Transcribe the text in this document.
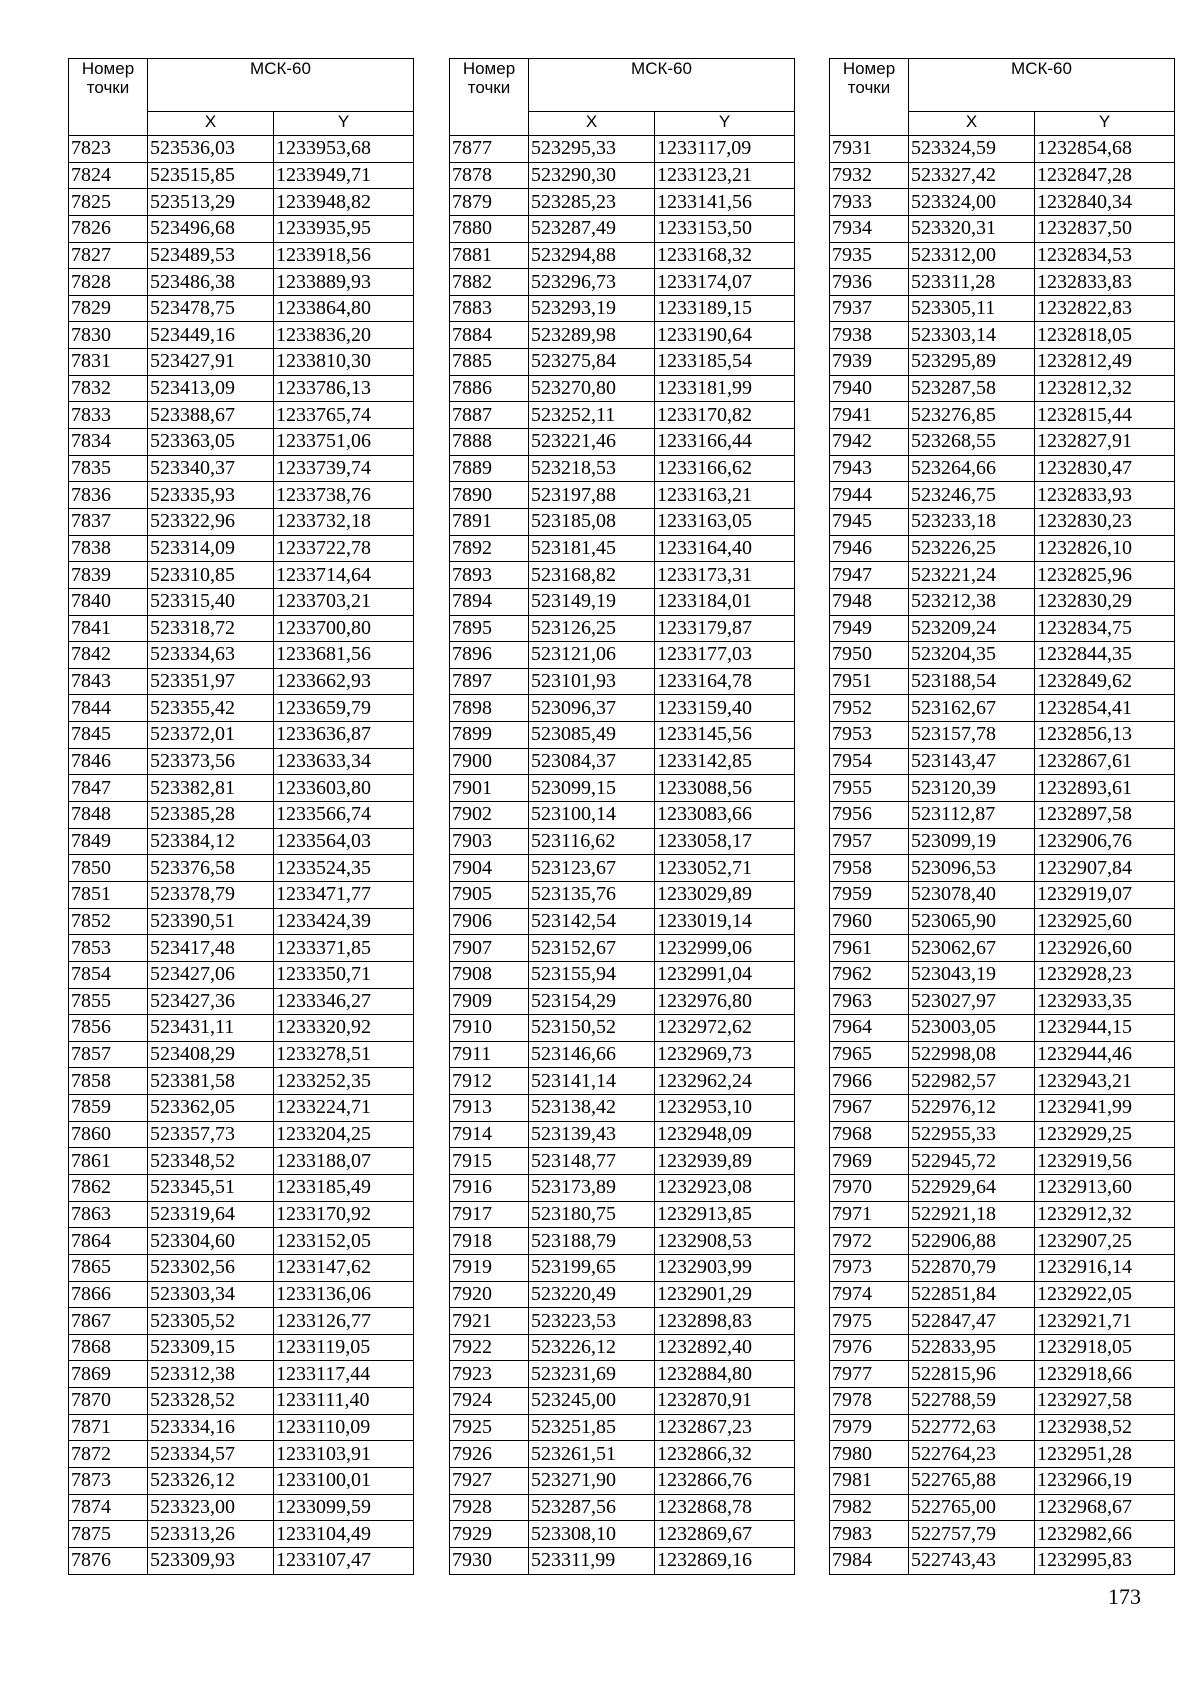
Номер
точки	МСК-60	
	X	Y
7823	523536,03	1233953,68
7824	523515,85	1233949,71
7825	523513,29	1233948,82
7826	523496,68	1233935,95
7827	523489,53	1233918,56
7828	523486,38	1233889,93
7829	523478,75	1233864,80
7830	523449,16	1233836,20
7831	523427,91	1233810,30
7832	523413,09	1233786,13
7833	523388,67	1233765,74
7834	523363,05	1233751,06
7835	523340,37	1233739,74
7836	523335,93	1233738,76
7837	523322,96	1233732,18
7838	523314,09	1233722,78
7839	523310,85	1233714,64
7840	523315,40	1233703,21
7841	523318,72	1233700,80
7842	523334,63	1233681,56
7843	523351,97	1233662,93
7844	523355,42	1233659,79
7845	523372,01	1233636,87
7846	523373,56	1233633,34
7847	523382,81	1233603,80
7848	523385,28	1233566,74
7849	523384,12	1233564,03
7850	523376,58	1233524,35
7851	523378,79	1233471,77
7852	523390,51	1233424,39
7853	523417,48	1233371,85
7854	523427,06	1233350,71
7855	523427,36	1233346,27
7856	523431,11	1233320,92
7857	523408,29	1233278,51
7858	523381,58	1233252,35
7859	523362,05	1233224,71
7860	523357,73	1233204,25
7861	523348,52	1233188,07
7862	523345,51	1233185,49
7863	523319,64	1233170,92
7864	523304,60	1233152,05
7865	523302,56	1233147,62
7866	523303,34	1233136,06
7867	523305,52	1233126,77
7868	523309,15	1233119,05
7869	523312,38	1233117,44
7870	523328,52	1233111,40
7871	523334,16	1233110,09
7872	523334,57	1233103,91
7873	523326,12	1233100,01
7874	523323,00	1233099,59
7875	523313,26	1233104,49
7876	523309,93	1233107,47
Номер
точки	МСК-60	
	X	Y
7877	523295,33	1233117,09
7878	523290,30	1233123,21
7879	523285,23	1233141,56
7880	523287,49	1233153,50
7881	523294,88	1233168,32
7882	523296,73	1233174,07
7883	523293,19	1233189,15
7884	523289,98	1233190,64
7885	523275,84	1233185,54
7886	523270,80	1233181,99
7887	523252,11	1233170,82
7888	523221,46	1233166,44
7889	523218,53	1233166,62
7890	523197,88	1233163,21
7891	523185,08	1233163,05
7892	523181,45	1233164,40
7893	523168,82	1233173,31
7894	523149,19	1233184,01
7895	523126,25	1233179,87
7896	523121,06	1233177,03
7897	523101,93	1233164,78
7898	523096,37	1233159,40
7899	523085,49	1233145,56
7900	523084,37	1233142,85
7901	523099,15	1233088,56
7902	523100,14	1233083,66
7903	523116,62	1233058,17
7904	523123,67	1233052,71
7905	523135,76	1233029,89
7906	523142,54	1233019,14
7907	523152,67	1232999,06
7908	523155,94	1232991,04
7909	523154,29	1232976,80
7910	523150,52	1232972,62
7911	523146,66	1232969,73
7912	523141,14	1232962,24
7913	523138,42	1232953,10
7914	523139,43	1232948,09
7915	523148,77	1232939,89
7916	523173,89	1232923,08
7917	523180,75	1232913,85
7918	523188,79	1232908,53
7919	523199,65	1232903,99
7920	523220,49	1232901,29
7921	523223,53	1232898,83
7922	523226,12	1232892,40
7923	523231,69	1232884,80
7924	523245,00	1232870,91
7925	523251,85	1232867,23
7926	523261,51	1232866,32
7927	523271,90	1232866,76
7928	523287,56	1232868,78
7929	523308,10	1232869,67
7930	523311,99	1232869,16
Номер
точки	МСК-60	
	X	Y
7931	523324,59	1232854,68
7932	523327,42	1232847,28
7933	523324,00	1232840,34
7934	523320,31	1232837,50
7935	523312,00	1232834,53
7936	523311,28	1232833,83
7937	523305,11	1232822,83
7938	523303,14	1232818,05
7939	523295,89	1232812,49
7940	523287,58	1232812,32
7941	523276,85	1232815,44
7942	523268,55	1232827,91
7943	523264,66	1232830,47
7944	523246,75	1232833,93
7945	523233,18	1232830,23
7946	523226,25	1232826,10
7947	523221,24	1232825,96
7948	523212,38	1232830,29
7949	523209,24	1232834,75
7950	523204,35	1232844,35
7951	523188,54	1232849,62
7952	523162,67	1232854,41
7953	523157,78	1232856,13
7954	523143,47	1232867,61
7955	523120,39	1232893,61
7956	523112,87	1232897,58
7957	523099,19	1232906,76
7958	523096,53	1232907,84
7959	523078,40	1232919,07
7960	523065,90	1232925,60
7961	523062,67	1232926,60
7962	523043,19	1232928,23
7963	523027,97	1232933,35
7964	523003,05	1232944,15
7965	522998,08	1232944,46
7966	522982,57	1232943,21
7967	522976,12	1232941,99
7968	522955,33	1232929,25
7969	522945,72	1232919,56
7970	522929,64	1232913,60
7971	522921,18	1232912,32
7972	522906,88	1232907,25
7973	522870,79	1232916,14
7974	522851,84	1232922,05
7975	522847,47	1232921,71
7976	522833,95	1232918,05
7977	522815,96	1232918,66
7978	522788,59	1232927,58
7979	522772,63	1232938,52
7980	522764,23	1232951,28
7981	522765,88	1232966,19
7982	522765,00	1232968,67
7983	522757,79	1232982,66
7984	522743,43	1232995,83
173
